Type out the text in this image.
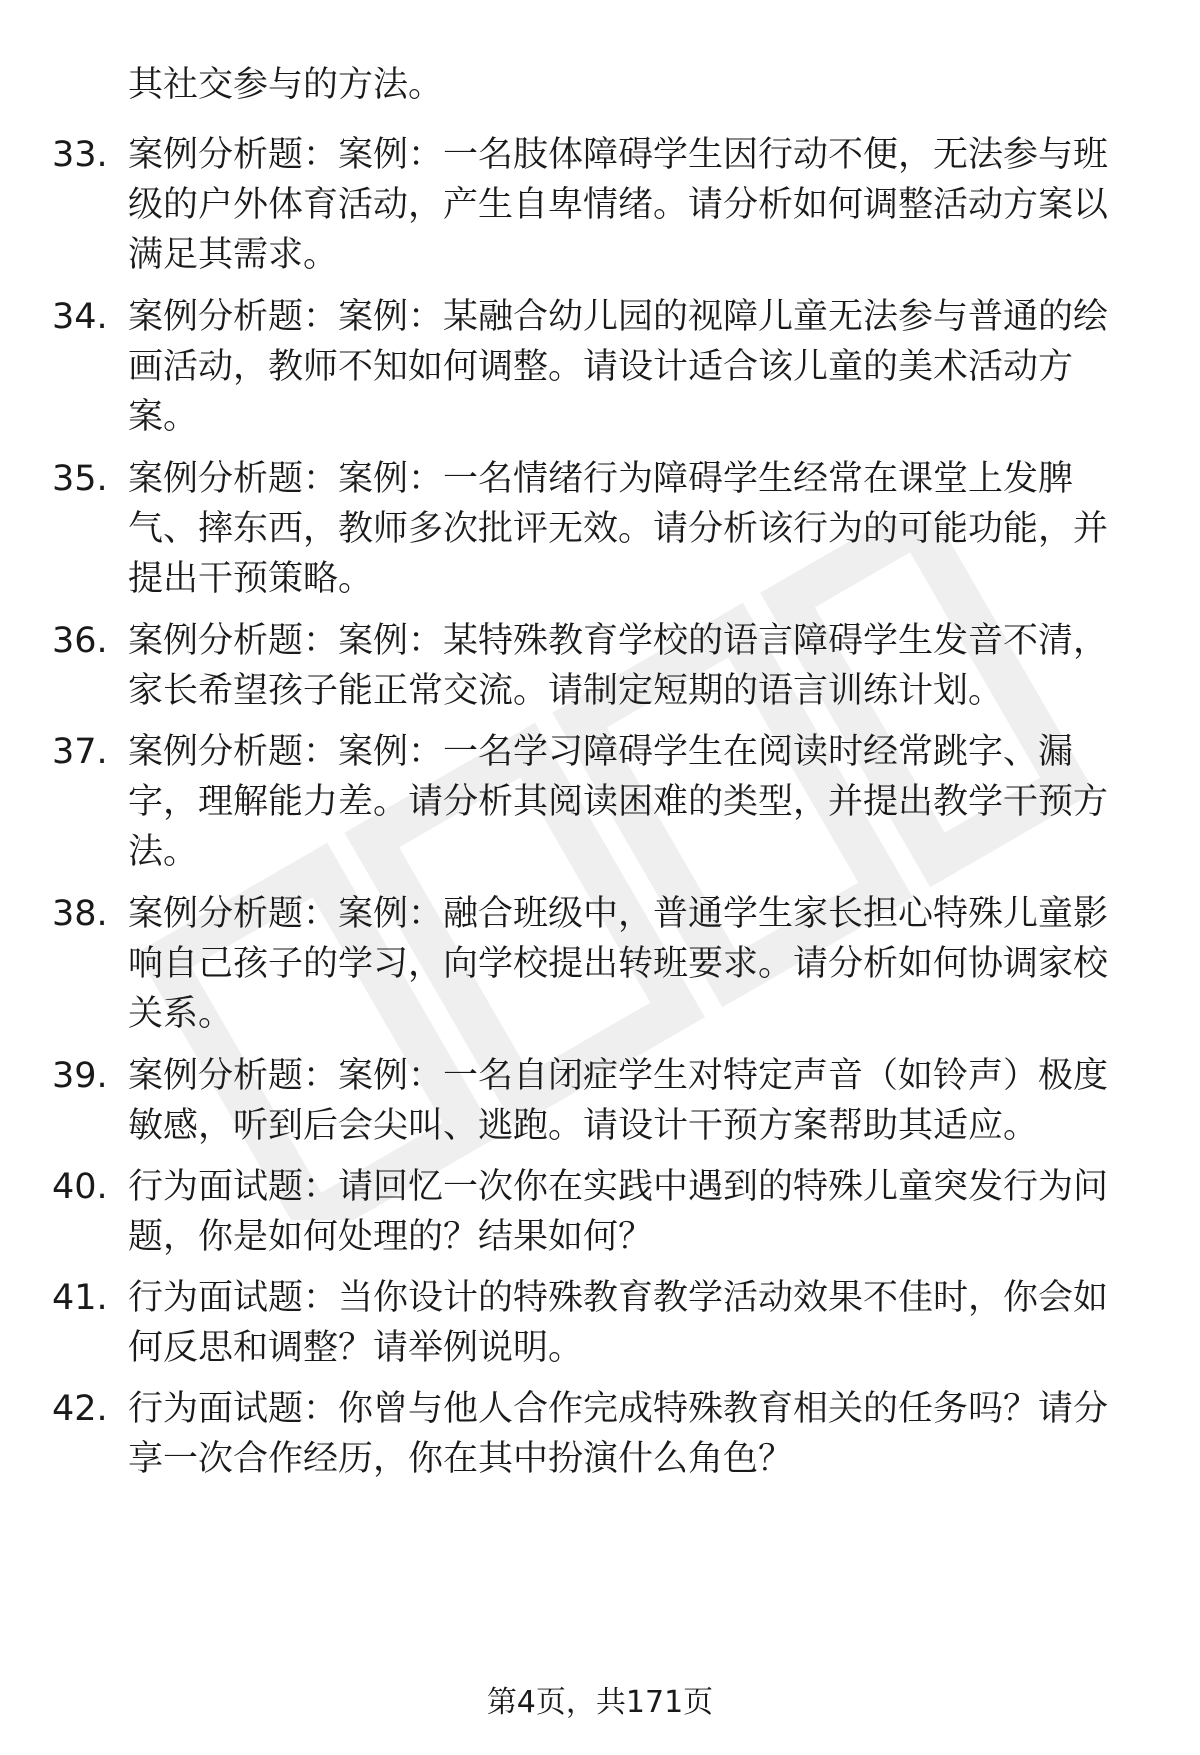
其社交参与的方法。
33. 案例分析题：案例：一名肢体障碍学生因行动不便，无法参与班级的户外体育活动，产生自卑情绪。请分析如何调整活动方案以满足其需求。
34. 案例分析题：案例：某融合幼儿园的视障儿童无法参与普通的绘画活动，教师不知如何调整。请设计适合该儿童的美术活动方案。
35. 案例分析题：案例：一名情绪行为障碍学生经常在课堂上发脾气、摔东西，教师多次批评无效。请分析该行为的可能功能，并提出干预策略。
36. 案例分析题：案例：某特殊教育学校的语言障碍学生发音不清，家长希望孩子能正常交流。请制定短期的语言训练计划。
37. 案例分析题：案例：一名学习障碍学生在阅读时经常跳字、漏字，理解能力差。请分析其阅读困难的类型，并提出教学干预方法。
38. 案例分析题：案例：融合班级中，普通学生家长担心特殊儿童影响自己孩子的学习，向学校提出转班要求。请分析如何协调家校关系。
39. 案例分析题：案例：一名自闭症学生对特定声音（如铃声）极度敏感，听到后会尖叫、逃跑。请设计干预方案帮助其适应。
40. 行为面试题：请回忆一次你在实践中遇到的特殊儿童突发行为问题，你是如何处理的？结果如何？
41. 行为面试题：当你设计的特殊教育教学活动效果不佳时，你会如何反思和调整？请举例说明。
42. 行为面试题：你曾与他人合作完成特殊教育相关的任务吗？请分享一次合作经历，你在其中扮演什么角色？
第4页，共171页
